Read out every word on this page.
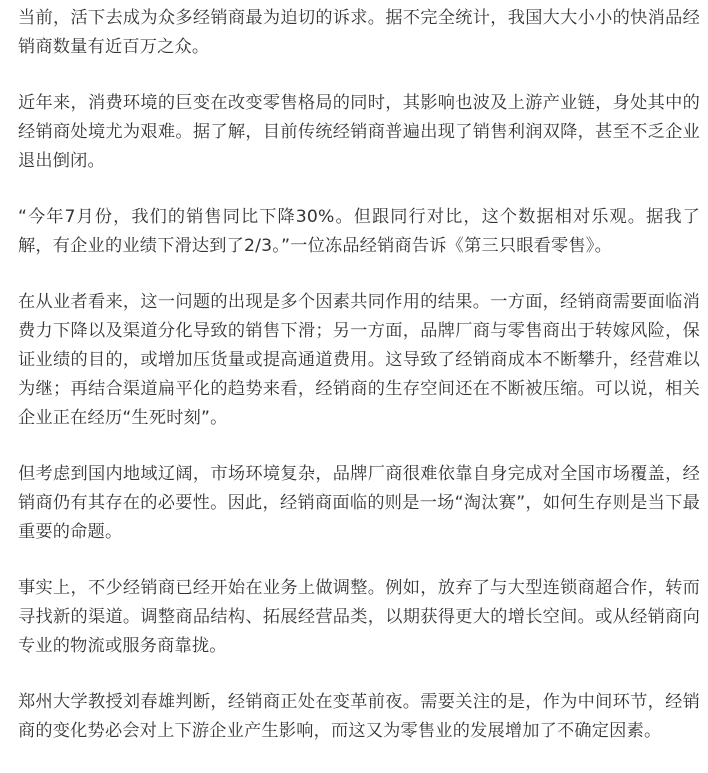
当前，活下去成为众多经销商最为迫切的诉求。据不完全统计，我国大大小小的快消品经销商数量有近百万之众。

近年来，消费环境的巨变在改变零售格局的同时，其影响也波及上游产业链，身处其中的经销商处境尤为艰难。据了解，目前传统经销商普遍出现了销售利润双降，甚至不乏企业退出倒闭。

“今年7月份，我们的销售同比下降30%。但跟同行对比，这个数据相对乐观。据我了解，有企业的业绩下滑达到了2/3。”一位冻品经销商告诉《第三只眼看零售》。

在从业者看来，这一问题的出现是多个因素共同作用的结果。一方面，经销商需要面临消费力下降以及渠道分化导致的销售下滑；另一方面，品牌厂商与零售商出于转嫁风险，保证业绩的目的，或增加压货量或提高通道费用。这导致了经销商成本不断攀升，经营难以为继；再结合渠道扁平化的趋势来看，经销商的生存空间还在不断被压缩。可以说，相关企业正在经历“生死时刻”。

但考虑到国内地域辽阔，市场环境复杂，品牌厂商很难依靠自身完成对全国市场覆盖，经销商仍有其存在的必要性。因此，经销商面临的则是一场“淘汰赛”，如何生存则是当下最重要的命题。

事实上，不少经销商已经开始在业务上做调整。例如，放弃了与大型连锁商超合作，转而寻找新的渠道。调整商品结构、拓展经营品类，以期获得更大的增长空间。或从经销商向专业的物流或服务商靠拢。

郑州大学教授刘春雄判断，经销商正处在变革前夜。需要关注的是，作为中间环节，经销商的变化势必会对上下游企业产生影响，而这又为零售业的发展增加了不确定因素。
